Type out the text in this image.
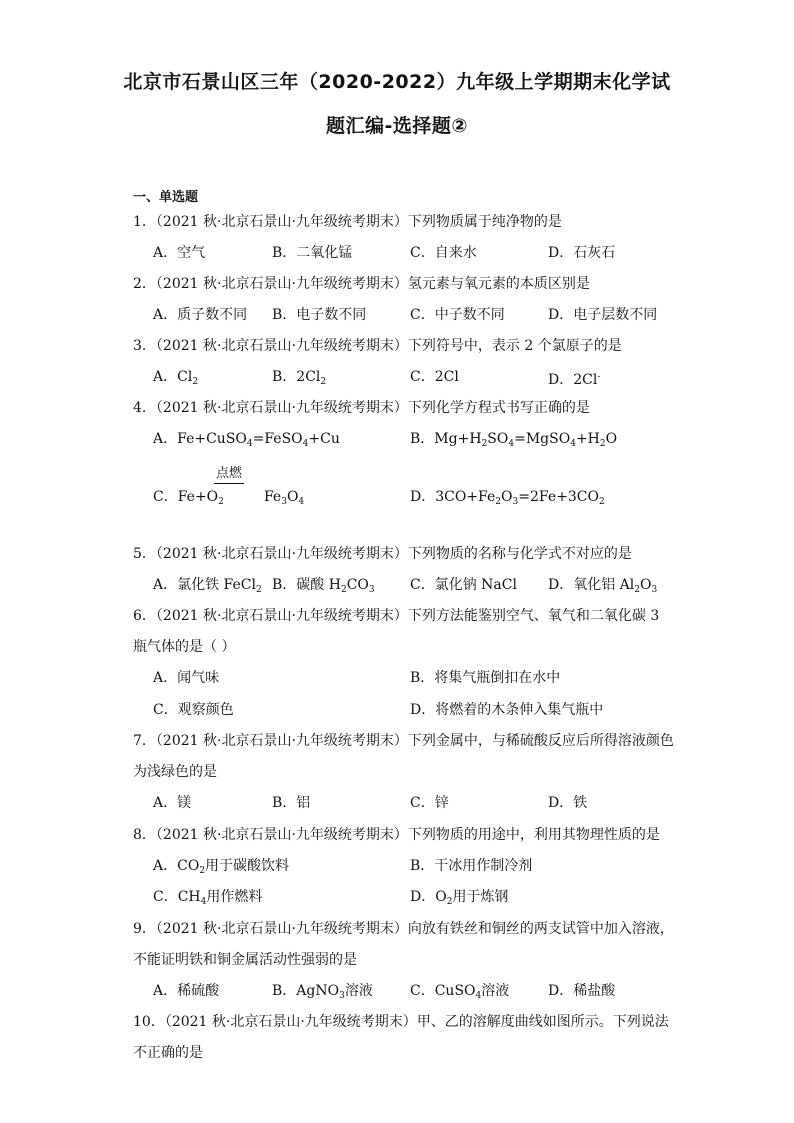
北京市石景山区三年（2020-2022）九年级上学期期末化学试
题汇编-选择题②
一、单选题
1．（2021 秋·北京石景山·九年级统考期末）下列物质属于纯净物的是
A．空气	B．二氧化锰	C．自来水	D．石灰石
2．（2021 秋·北京石景山·九年级统考期末）氢元素与氧元素的本质区别是
A．质子数不同 B．电子数不同	C．中子数不同	D．电子层数不同
3．（2021 秋·北京石景山·九年级统考期末）下列符号中，表示 2 个氯原子的是
A．$Cl_2$	B．$2Cl_2$	C．2Cl	D．2Cl-
4．（2021 秋·北京石景山·九年级统考期末）下列化学方程式书写正确的是
A．Fe+CuSO$_4$=FeSO$_4$+Cu	B．$Mg+H_2SO_4=MgSO_4+H_2O$
点燃
C．$Fe+O_2$         $Fe_3O_4$	D．$3CO+Fe_2O_3=2Fe+3CO_2$
5．（2021 秋·北京石景山·九年级统考期末）下列物质的名称与化学式不对应的是
A．氯化铁 FeCl$_2$ B．碳酸 $H_2CO_3$	C．氯化钠 NaCl D．氧化铝 $Al_2O_3$
6．（2021 秋·北京石景山·九年级统考期末）下列方法能鉴别空气、氧气和二氧化碳 3
瓶气体的是（ ）
A．闻气味	B．将集气瓶倒扣在水中
C．观察颜色	D．将燃着的木条伸入集气瓶中
7．（2021 秋·北京石景山·九年级统考期末）下列金属中，与稀硫酸反应后所得溶液颜色
为浅绿色的是
A．镁	B．铝	C．锌	D．铁
8．（2021 秋·北京石景山·九年级统考期末）下列物质的用途中，利用其物理性质的是
A．$CO_2$用于碳酸饮料	B．干冰用作制冷剂
C．$CH_4$用作燃料	D．$O_2$用于炼钢
9．（2021 秋·北京石景山·九年级统考期末）向放有铁丝和铜丝的两支试管中加入溶液，
不能证明铁和铜金属活动性强弱的是
A．稀硫酸	B．AgNO$_3$溶液	C．CuSO$_4$溶液	D．稀盐酸
10．（2021 秋·北京石景山·九年级统考期末）甲、乙的溶解度曲线如图所示。下列说法
不正确的是
